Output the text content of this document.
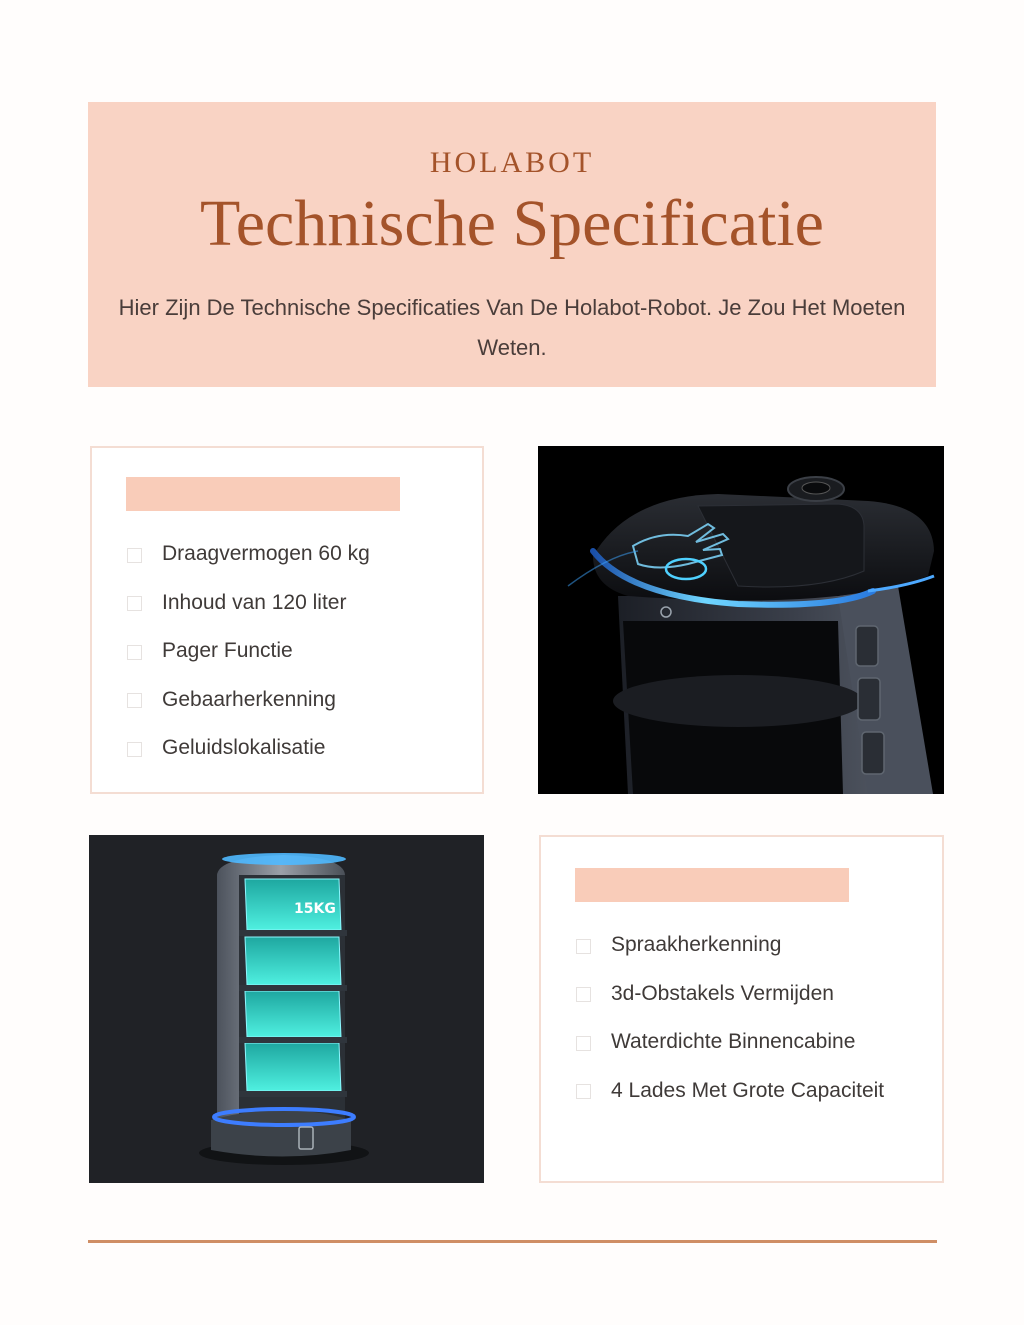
HOLABOT
Technische Specificatie
Hier Zijn De Technische Specificaties Van De Holabot-Robot. Je Zou Het Moeten Weten.
Draagvermogen 60 kg
Inhoud van 120 liter
Pager Functie
Gebaarherkenning
Geluidslokalisatie
15KG
Spraakherkenning
3d-Obstakels Vermijden
Waterdichte Binnencabine
4 Lades Met Grote Capaciteit
